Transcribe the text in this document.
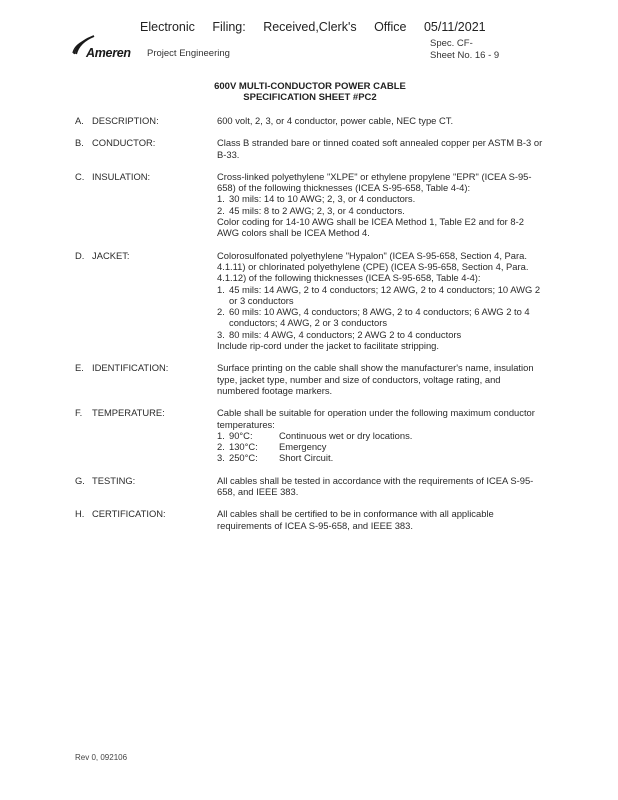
Electronic Filing: Received,Clerk's Office 05/11/2021
Ameren Project Engineering
Spec. CF-
Sheet No. 16 - 9
600V MULTI-CONDUCTOR POWER CABLE
SPECIFICATION SHEET #PC2
A. DESCRIPTION:	600 volt, 2, 3, or 4 conductor, power cable, NEC type CT.

B. CONDUCTOR:	Class B stranded bare or tinned coated soft annealed copper per ASTM B-3 or B-33.

C. INSULATION:	Cross-linked polyethylene "XLPE" or ethylene propylene "EPR" (ICEA S-95-658) of the following thicknesses (ICEA S-95-658, Table 4-4):

1. 30 mils: 14 to 10 AWG; 2, 3, or 4 conductors.
2. 45 mils: 8 to 2 AWG; 2, 3, or 4 conductors.

Color coding for 14-10 AWG shall be ICEA Method 1, Table E2 and for 8-2 AWG colors shall be ICEA Method 4.

D. JACKET:	Colorosulfonated polyethylene "Hypalon" (ICEA S-95-658, Section 4, Para. 4.1.11) or chlorinated polyethylene (CPE) (ICEA S-95-658, Section 4, Para. 4.1.12) of the following thicknesses (ICEA S-95-658, Table 4-4):

1. 45 mils: 14 AWG, 2 to 4 conductors; 12 AWG, 2 to 4 conductors; 10 AWG 2 or 3 conductors
2. 60 mils: 10 AWG, 4 conductors; 8 AWG, 2 to 4 conductors; 6 AWG 2 to 4 conductors; 4 AWG, 2 or 3 conductors
3. 80 mils: 4 AWG, 4 conductors; 2 AWG 2 to 4 conductors

Include rip-cord under the jacket to facilitate stripping.

E. IDENTIFICATION:	Surface printing on the cable shall show the manufacturer's name, insulation type, jacket type, number and size of conductors, voltage rating, and numbered footage markers.

F. TEMPERATURE:	Cable shall be suitable for operation under the following maximum conductor temperatures:

1. 90°C:	Continuous wet or dry locations.
2. 130°C:	Emergency
3. 250°C:	Short Circuit.
G. TESTING:	All cables shall be tested in accordance with the requirements of ICEA S-95-658, and IEEE 383.

H. CERTIFICATION:	All cables shall be certified to be in conformance with all applicable requirements of ICEA S-95-658, and IEEE 383.

Rev 0, 092106
